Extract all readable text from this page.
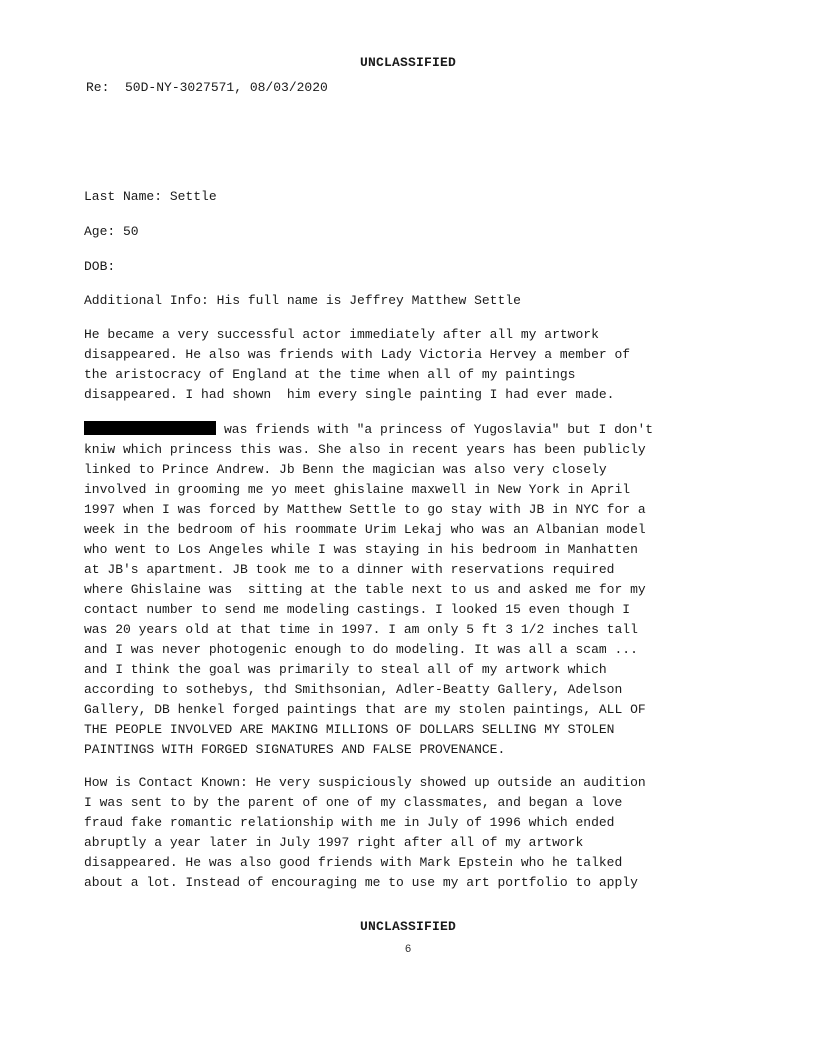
UNCLASSIFIED
Re:  50D-NY-3027571, 08/03/2020
Last Name: Settle
Age: 50
DOB:
Additional Info: His full name is Jeffrey Matthew Settle
He became a very successful actor immediately after all my artwork
disappeared. He also was friends with Lady Victoria Hervey a member of
the aristocracy of England at the time when all of my paintings
disappeared. I had shown  him every single painting I had ever made.
was friends with "a princess of Yugoslavia" but I don't
kniw which princess this was. She also in recent years has been publicly
linked to Prince Andrew. Jb Benn the magician was also very closely
involved in grooming me yo meet ghislaine maxwell in New York in April
1997 when I was forced by Matthew Settle to go stay with JB in NYC for a
week in the bedroom of his roommate Urim Lekaj who was an Albanian model
who went to Los Angeles while I was staying in his bedroom in Manhatten
at JB's apartment. JB took me to a dinner with reservations required
where Ghislaine was  sitting at the table next to us and asked me for my
contact number to send me modeling castings. I looked 15 even though I
was 20 years old at that time in 1997. I am only 5 ft 3 1/2 inches tall
and I was never photogenic enough to do modeling. It was all a scam ...
and I think the goal was primarily to steal all of my artwork which
according to sothebys, thd Smithsonian, Adler-Beatty Gallery, Adelson
Gallery, DB henkel forged paintings that are my stolen paintings, ALL OF
THE PEOPLE INVOLVED ARE MAKING MILLIONS OF DOLLARS SELLING MY STOLEN
PAINTINGS WITH FORGED SIGNATURES AND FALSE PROVENANCE.
How is Contact Known: He very suspiciously showed up outside an audition
I was sent to by the parent of one of my classmates, and began a love
fraud fake romantic relationship with me in July of 1996 which ended
abruptly a year later in July 1997 right after all of my artwork
disappeared. He was also good friends with Mark Epstein who he talked
about a lot. Instead of encouraging me to use my art portfolio to apply
UNCLASSIFIED
6
